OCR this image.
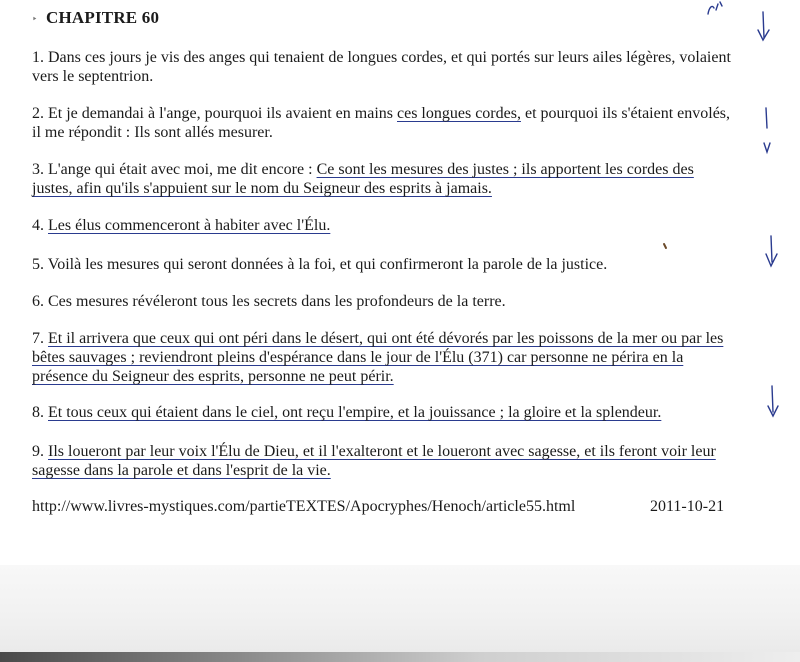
‣ CHAPITRE 60
1. Dans ces jours je vis des anges qui tenaient de longues cordes, et qui portés sur leurs ailes légères, volaient vers le septentrion.
2. Et je demandai à l'ange, pourquoi ils avaient en mains ces longues cordes, et pourquoi ils s'étaient envolés, il me répondit : Ils sont allés mesurer.
3. L'ange qui était avec moi, me dit encore : Ce sont les mesures des justes ; ils apportent les cordes des justes, afin qu'ils s'appuient sur le nom du Seigneur des esprits à jamais.
4. Les élus commenceront à habiter avec l'Élu.
5. Voilà les mesures qui seront données à la foi, et qui confirmeront la parole de la justice.
6. Ces mesures révéleront tous les secrets dans les profondeurs de la terre.
7. Et il arrivera que ceux qui ont péri dans le désert, qui ont été dévorés par les poissons de la mer ou par les bêtes sauvages ; reviendront pleins d'espérance dans le jour de l'Élu (371) car personne ne périra en la présence du Seigneur des esprits, personne ne peut périr.
8. Et tous ceux qui étaient dans le ciel, ont reçu l'empire, et la jouissance ; la gloire et la splendeur.
9. Ils loueront par leur voix l'Élu de Dieu, et il l'exalteront et le loueront avec sagesse, et ils feront voir leur sagesse dans la parole et dans l'esprit de la vie.
http://www.livres-mystiques.com/partieTEXTES/Apocryphes/Henoch/article55.html	2011-10-21
